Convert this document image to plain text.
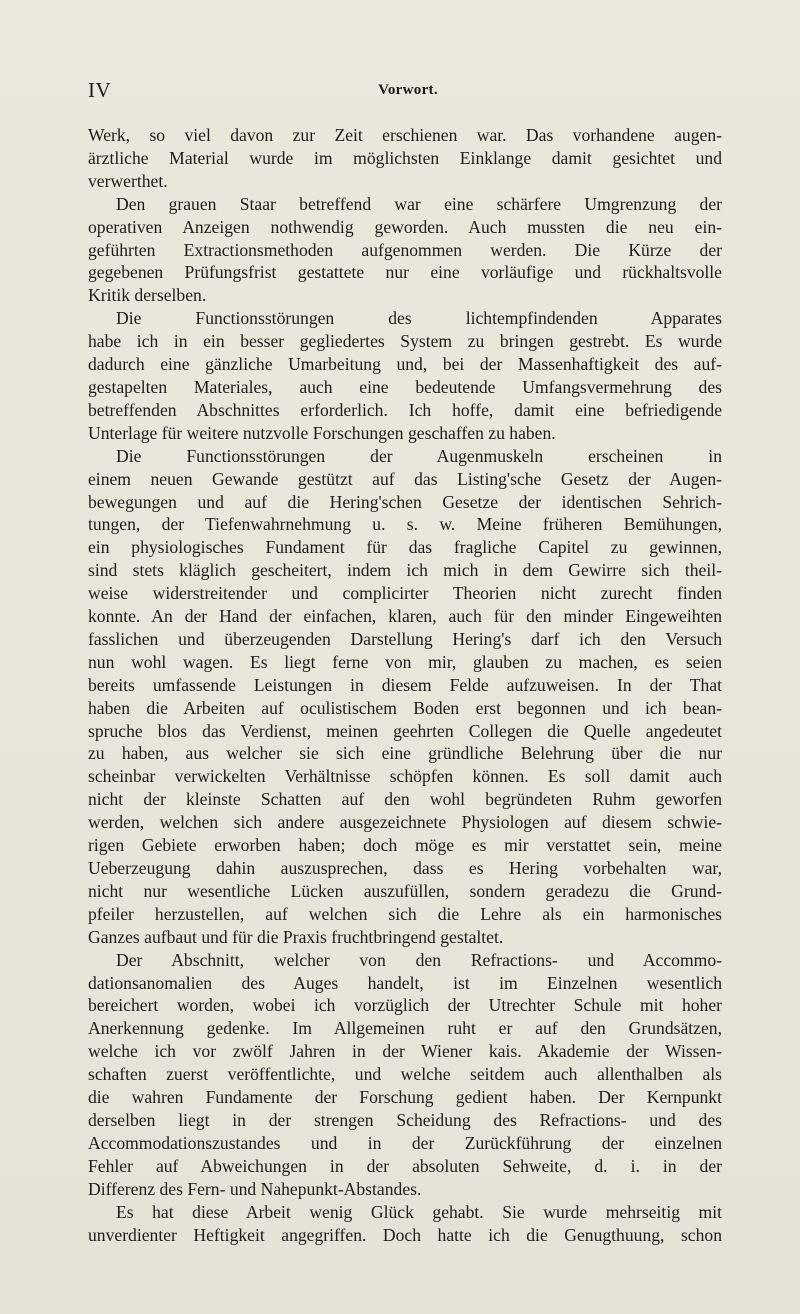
IV	Vorwort.

Werk, so viel davon zur Zeit erschienen war. Das vorhandene augen-
ärztliche Material wurde im möglichsten Einklange damit gesichtet und
verwerthet.

Den grauen Staar betreffend war eine schärfere Umgrenzung der
operativen Anzeigen nothwendig geworden. Auch mussten die neu ein-
geführten Extractionsmethoden aufgenommen werden. Die Kürze der
gegebenen Prüfungsfrist gestattete nur eine vorläufige und rückhaltsvolle
Kritik derselben.

Die Functionsstörungen des lichtempfindenden Apparates
habe ich in ein besser gegliedertes System zu bringen gestrebt. Es wurde
dadurch eine gänzliche Umarbeitung und, bei der Massenhaftigkeit des auf-
gestapelten Materiales, auch eine bedeutende Umfangsvermehrung des
betreffenden Abschnittes erforderlich. Ich hoffe, damit eine befriedigende
Unterlage für weitere nutzvolle Forschungen geschaffen zu haben.

Die Functionsstörungen der Augenmuskeln erscheinen in
einem neuen Gewande gestützt auf das Listing'sche Gesetz der Augen-
bewegungen und auf die Hering'schen Gesetze der identischen Sehrich-
tungen, der Tiefenwahrnehmung u. s. w. Meine früheren Bemühungen,
ein physiologisches Fundament für das fragliche Capitel zu gewinnen,
sind stets kläglich gescheitert, indem ich mich in dem Gewirre sich theil-
weise widerstreitender und complicirter Theorien nicht zurecht finden
konnte. An der Hand der einfachen, klaren, auch für den minder Eingeweihten
fasslichen und überzeugenden Darstellung Hering's darf ich den Versuch
nun wohl wagen. Es liegt ferne von mir, glauben zu machen, es seien
bereits umfassende Leistungen in diesem Felde aufzuweisen. In der That
haben die Arbeiten auf oculistischem Boden erst begonnen und ich bean-
spruche blos das Verdienst, meinen geehrten Collegen die Quelle angedeutet
zu haben, aus welcher sie sich eine gründliche Belehrung über die nur
scheinbar verwickelten Verhältnisse schöpfen können. Es soll damit auch
nicht der kleinste Schatten auf den wohl begründeten Ruhm geworfen
werden, welchen sich andere ausgezeichnete Physiologen auf diesem schwie-
rigen Gebiete erworben haben; doch möge es mir verstattet sein, meine
Ueberzeugung dahin auszusprechen, dass es Hering vorbehalten war,
nicht nur wesentliche Lücken auszufüllen, sondern geradezu die Grund-
pfeiler herzustellen, auf welchen sich die Lehre als ein harmonisches
Ganzes aufbaut und für die Praxis fruchtbringend gestaltet.

Der Abschnitt, welcher von den Refractions- und Accommo-
dationsanomalien des Auges handelt, ist im Einzelnen wesentlich
bereichert worden, wobei ich vorzüglich der Utrechter Schule mit hoher
Anerkennung gedenke. Im Allgemeinen ruht er auf den Grundsätzen,
welche ich vor zwölf Jahren in der Wiener kais. Akademie der Wissen-
schaften zuerst veröffentlichte, und welche seitdem auch allenthalben als
die wahren Fundamente der Forschung gedient haben. Der Kernpunkt
derselben liegt in der strengen Scheidung des Refractions- und des
Accommodationszustandes und in der Zurückführung der einzelnen
Fehler auf Abweichungen in der absoluten Sehweite, d. i. in der
Differenz des Fern- und Nahepunkt-Abstandes.

Es hat diese Arbeit wenig Glück gehabt. Sie wurde mehrseitig mit
unverdienter Heftigkeit angegriffen. Doch hatte ich die Genugthuung, schon
